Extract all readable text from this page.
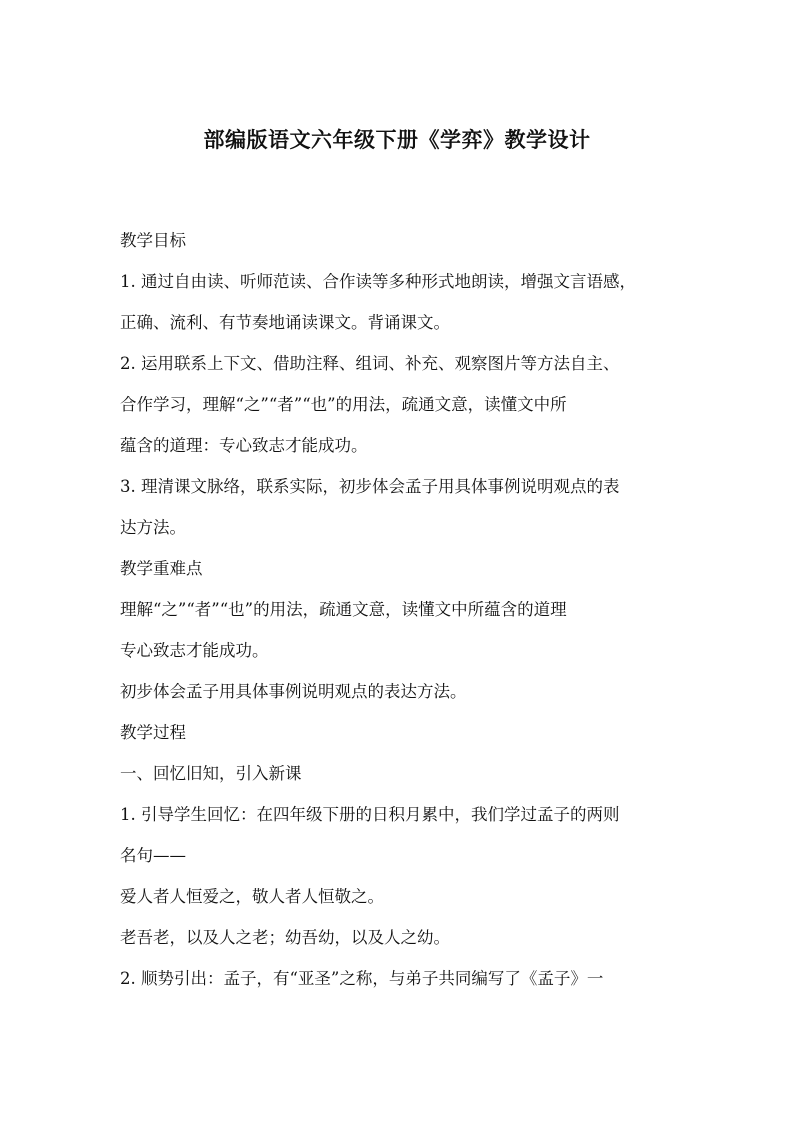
部编版语文六年级下册《学弈》教学设计
教学目标
1. 通过自由读、听师范读、合作读等多种形式地朗读，增强文言语感，
正确、流利、有节奏地诵读课文。背诵课文。
2. 运用联系上下文、借助注释、组词、补充、观察图片等方法自主、
合作学习，理解“之”“者”“也”的用法，疏通文意，读懂文中所
蕴含的道理：专心致志才能成功。
3. 理清课文脉络，联系实际，初步体会孟子用具体事例说明观点的表
达方法。
教学重难点
理解“之”“者”“也”的用法，疏通文意，读懂文中所蕴含的道理
专心致志才能成功。
初步体会孟子用具体事例说明观点的表达方法。
教学过程
一、回忆旧知，引入新课
1. 引导学生回忆：在四年级下册的日积月累中，我们学过孟子的两则
名句——
爱人者人恒爱之，敬人者人恒敬之。
老吾老，以及人之老；幼吾幼，以及人之幼。
2. 顺势引出：孟子，有“亚圣”之称，与弟子共同编写了《孟子》一
